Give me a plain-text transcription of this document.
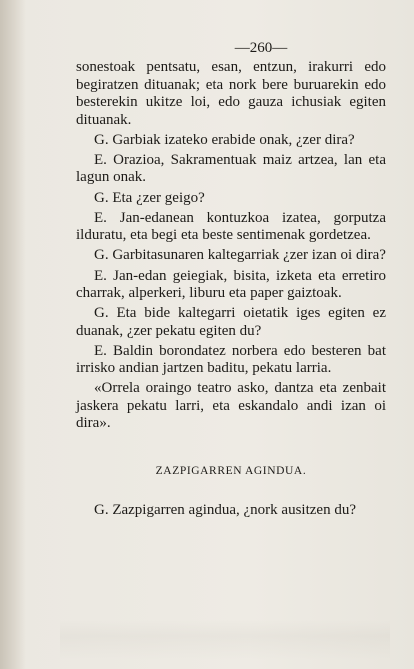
—260—

sonestoak pentsatu, esan, entzun, irakurri edo begiratzen dituanak; eta nork bere buruarekin edo besterekin ukitze loi, edo gauza ichusiak egiten dituanak.

G. Garbiak izateko erabide onak, ¿zer dira?

E. Orazioa, Sakramentuak maiz artzea, lan eta lagun onak.

G. Eta ¿zer geigo?

E. Jan-edanean kontuzkoa izatea, gorputza ilduratu, eta begi eta beste sentimenak gordetzea.

G. Garbitasunaren kaltegarriak ¿zer izan oi dira?

E. Jan-edan geiegiak, bisita, izketa eta erretiro charrak, alperkeri, liburu eta paper gaiztoak.

G. Eta bide kaltegarri oietatik iges egiten ez duanak, ¿zer pekatu egiten du?

E. Baldin borondatez norbera edo besteren bat irrisko andian jartzen baditu, pekatu larria.

«Orrela oraingo teatro asko, dantza eta zenbait jaskera pekatu larri, eta eskandalo andi izan oi dira».

ZAZPIGARREN AGINDUA.

G. Zazpigarren agindua, ¿nork ausitzen du?
